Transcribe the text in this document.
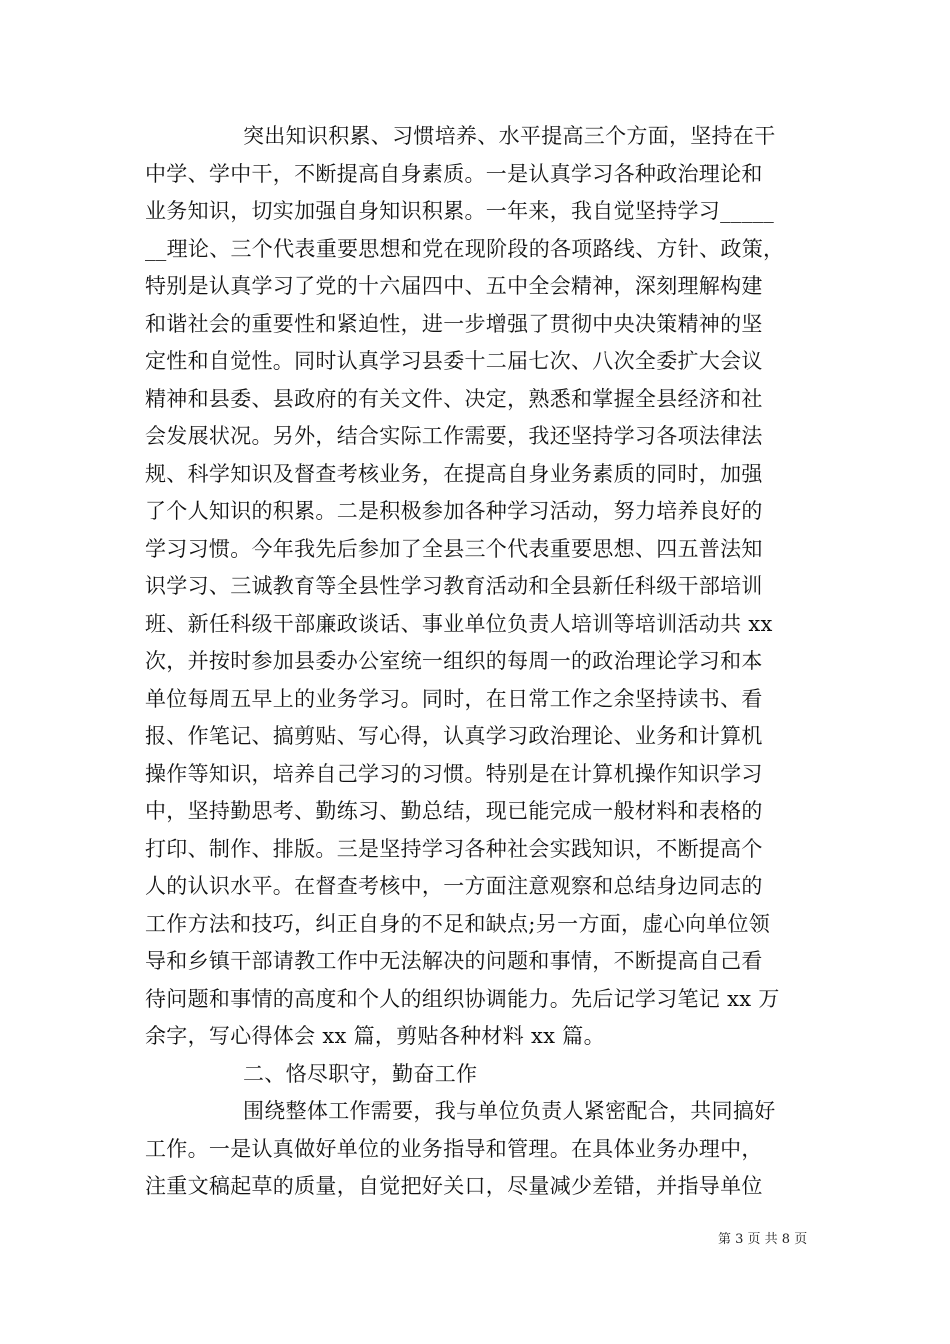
突出知识积累、习惯培养、水平提高三个方面，坚持在干
中学、学中干，不断提高自身素质。一是认真学习各种政治理论和
业务知识，切实加强自身知识积累。一年来，我自觉坚持学习_____
__理论、三个代表重要思想和党在现阶段的各项路线、方针、政策，
特别是认真学习了党的十六届四中、五中全会精神，深刻理解构建
和谐社会的重要性和紧迫性，进一步增强了贯彻中央决策精神的坚
定性和自觉性。同时认真学习县委十二届七次、八次全委扩大会议
精神和县委、县政府的有关文件、决定，熟悉和掌握全县经济和社
会发展状况。另外，结合实际工作需要，我还坚持学习各项法律法
规、科学知识及督查考核业务，在提高自身业务素质的同时，加强
了个人知识的积累。二是积极参加各种学习活动，努力培养良好的
学习习惯。今年我先后参加了全县三个代表重要思想、四五普法知
识学习、三诚教育等全县性学习教育活动和全县新任科级干部培训
班、新任科级干部廉政谈话、事业单位负责人培训等培训活动共 xx
次，并按时参加县委办公室统一组织的每周一的政治理论学习和本
单位每周五早上的业务学习。同时，在日常工作之余坚持读书、看
报、作笔记、搞剪贴、写心得，认真学习政治理论、业务和计算机
操作等知识，培养自己学习的习惯。特别是在计算机操作知识学习
中，坚持勤思考、勤练习、勤总结，现已能完成一般材料和表格的
打印、制作、排版。三是坚持学习各种社会实践知识，不断提高个
人的认识水平。在督查考核中，一方面注意观察和总结身边同志的
工作方法和技巧，纠正自身的不足和缺点;另一方面，虚心向单位领
导和乡镇干部请教工作中无法解决的问题和事情，不断提高自己看
待问题和事情的高度和个人的组织协调能力。先后记学习笔记 xx 万
余字，写心得体会 xx 篇，剪贴各种材料 xx 篇。
二、恪尽职守，勤奋工作
围绕整体工作需要，我与单位负责人紧密配合，共同搞好
工作。一是认真做好单位的业务指导和管理。在具体业务办理中，
注重文稿起草的质量，自觉把好关口，尽量减少差错，并指导单位
第 3 页 共 8 页
